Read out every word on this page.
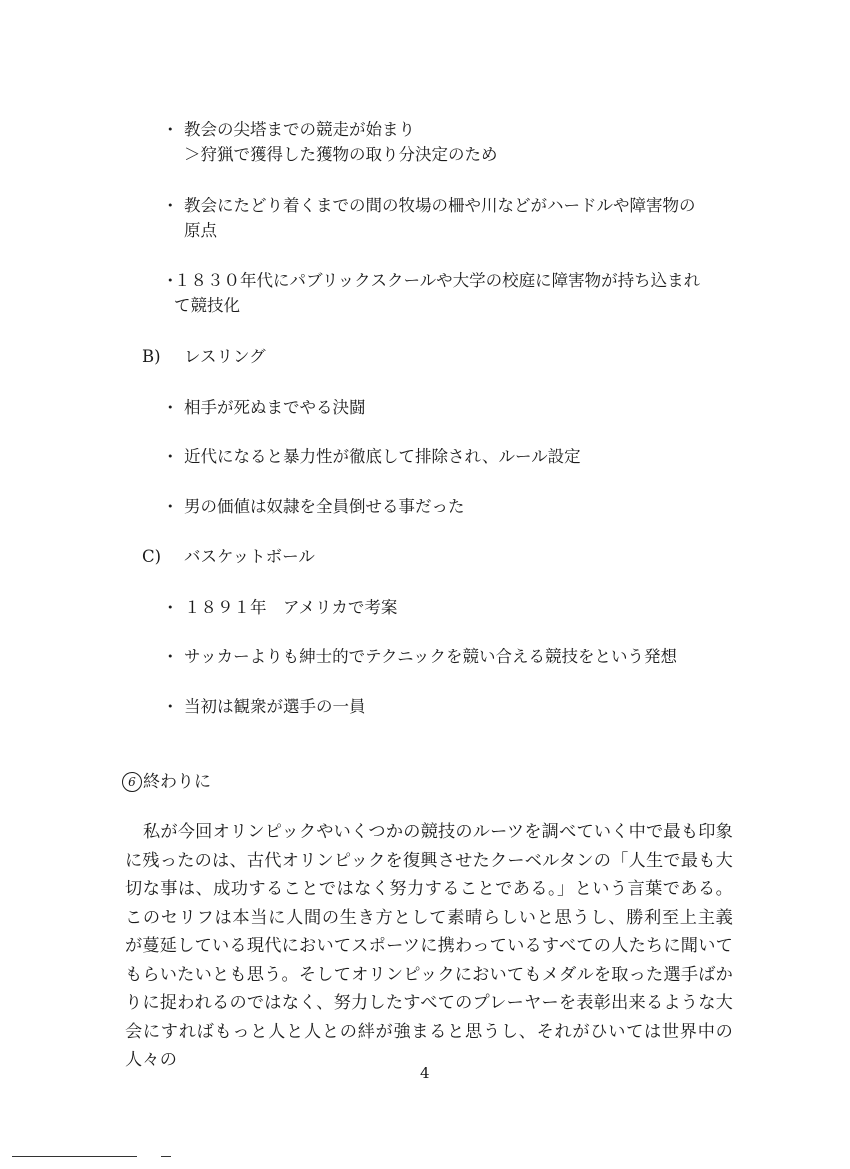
・ 教会の尖塔までの競走が始まり
＞狩猟で獲得した獲物の取り分決定のため
・ 教会にたどり着くまでの間の牧場の柵や川などがハードルや障害物の
原点
・
１８３０年代にパブリックスクールや大学の校庭に障害物が持ち込まれ
て競技化
B) レスリング
・ 相手が死ぬまでやる決闘
・ 近代になると暴力性が徹底して排除され、ルール設定
・ 男の価値は奴隷を全員倒せる事だった
C) バスケットボール
・ １８９１年　アメリカで考案
・ サッカーよりも紳士的でテクニックを競い合える競技をという発想
・ 当初は観衆が選手の一員
6 終わりに
私が今回オリンピックやいくつかの競技のルーツを調べていく中で最も印象に残ったのは、古代オリンピックを復興させたクーベルタンの「人生で最も大切な事は、成功することではなく努力することである。」という言葉である。このセリフは本当に人間の生き方として素晴らしいと思うし、勝利至上主義が蔓延している現代においてスポーツに携わっているすべての人たちに聞いてもらいたいとも思う。そしてオリンピックにおいてもメダルを取った選手ばかりに捉われるのではなく、努力したすべてのプレーヤーを表彰出来るような大会にすればもっと人と人との絆が強まると思うし、それがひいては世界中の人々の
4
